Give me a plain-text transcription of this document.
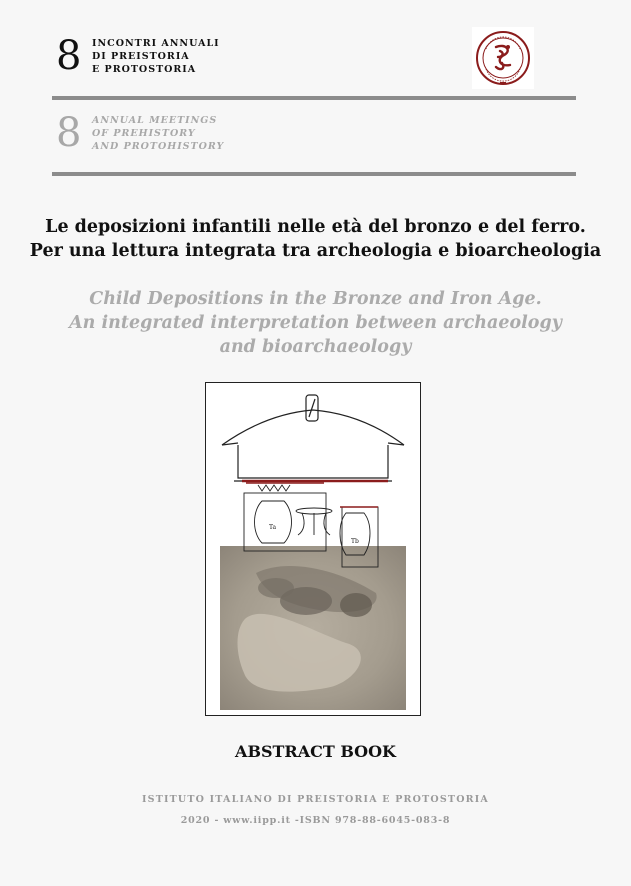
8	INCONTRI ANNUALI
DI PREISTORIA
E PROTOSTORIA
8	ANNUAL MEETINGS
OF PREHISTORY
AND PROTOHISTORY
Le deposizioni infantili nelle età del bronzo e del ferro.
Per una lettura integrata tra archeologia e bioarcheologia
Child Depositions in the Bronze and Iron Age.
An integrated interpretation between archaeology
and bioarchaeology
Ta
Tb
ABSTRACT BOOK
ISTITUTO ITALIANO DI PREISTORIA E PROTOSTORIA
2020 - www.iipp.it -ISBN 978-88-6045-083-8
